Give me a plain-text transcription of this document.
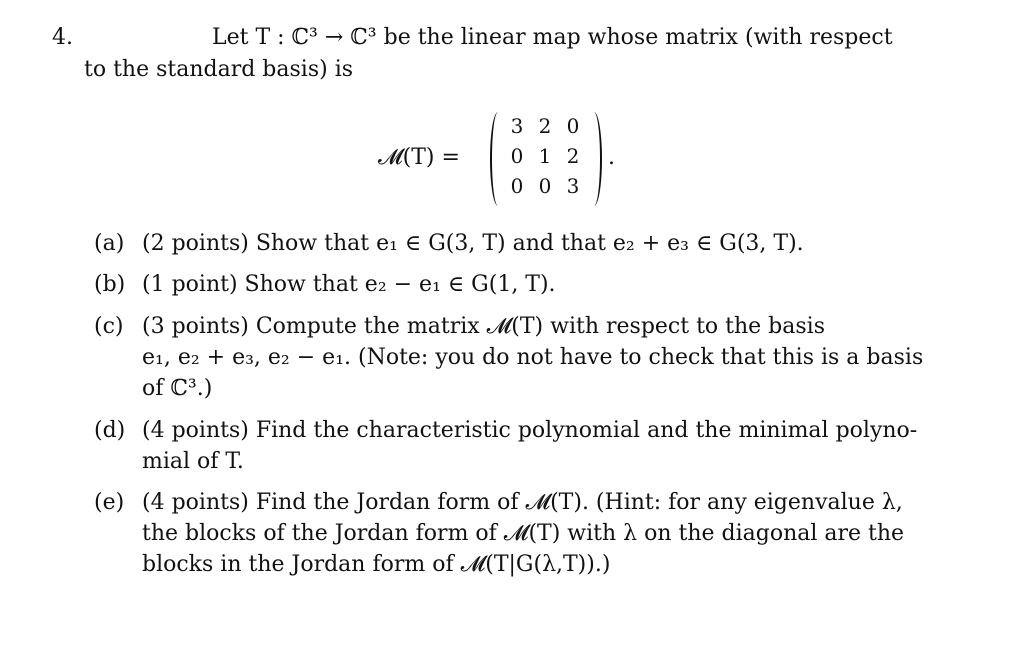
4.	Let T : ℂ³ → ℂ³ be the linear map whose matrix (with respect
to the standard basis) is
𝓜(T) =
3 2 0
0 1 2
0 0 3
.
(a) (2 points) Show that e₁ ∈ G(3, T) and that e₂ + e₃ ∈ G(3, T).
(b) (1 point) Show that e₂ − e₁ ∈ G(1, T).
(c) (3 points) Compute the matrix 𝓜(T) with respect to the basis
e₁, e₂ + e₃, e₂ − e₁. (Note: you do not have to check that this is a basis
of ℂ³.)
(d) (4 points) Find the characteristic polynomial and the minimal polyno-
mial of T.
(e) (4 points) Find the Jordan form of 𝓜(T). (Hint: for any eigenvalue λ,
the blocks of the Jordan form of 𝓜(T) with λ on the diagonal are the
blocks in the Jordan form of 𝓜(T|G(λ,T)).)
